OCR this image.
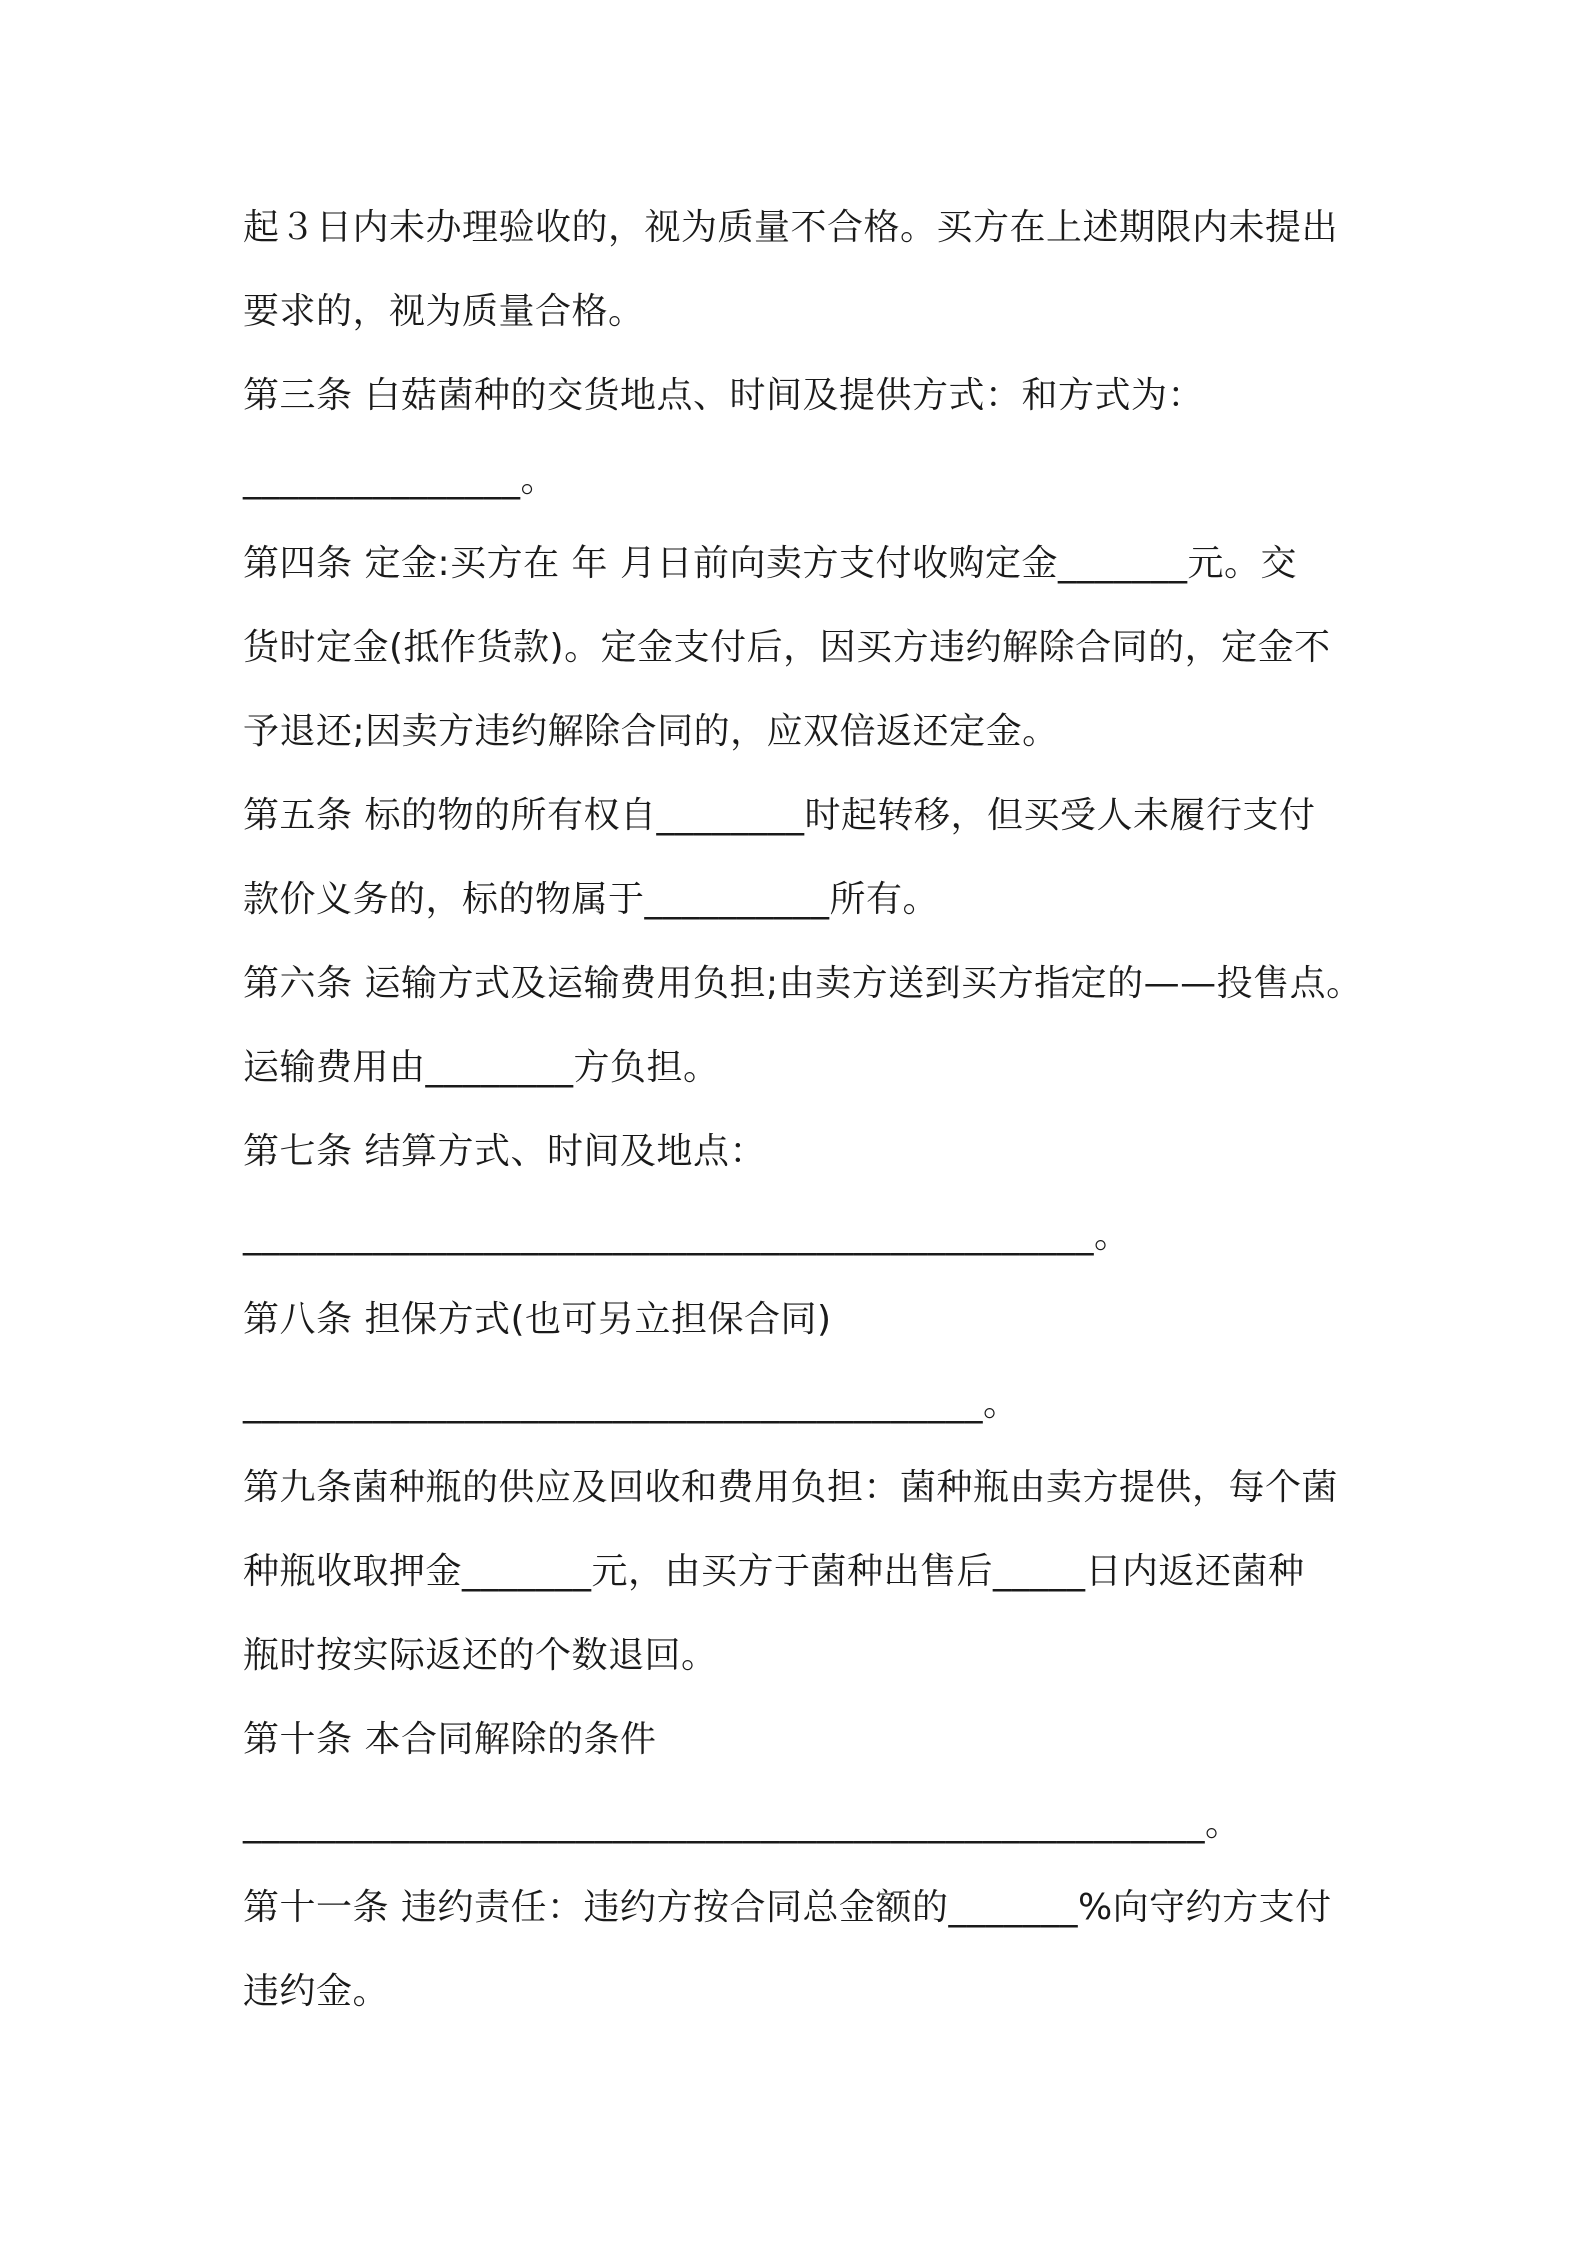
起３日内未办理验收的，视为质量不合格。买方在上述期限内未提出
要求的，视为质量合格。
第三条 白菇菌种的交货地点、时间及提供方式：和方式为：
_______________。
第四条 定金:买方在 年 月日前向卖方支付收购定金_______元。交
货时定金(抵作货款)。定金支付后，因买方违约解除合同的，定金不
予退还;因卖方违约解除合同的，应双倍返还定金。
第五条 标的物的所有权自________时起转移，但买受人未履行支付
款价义务的，标的物属于__________所有。
第六条 运输方式及运输费用负担;由卖方送到买方指定的——投售点。
运输费用由________方负担。
第七条 结算方式、时间及地点：
______________________________________________。
第八条 担保方式(也可另立担保合同)
________________________________________。
第九条菌种瓶的供应及回收和费用负担：菌种瓶由卖方提供，每个菌
种瓶收取押金_______元，由买方于菌种出售后_____日内返还菌种
瓶时按实际返还的个数退回。
第十条 本合同解除的条件
____________________________________________________。
第十一条 违约责任：违约方按合同总金额的_______%向守约方支付
违约金。
